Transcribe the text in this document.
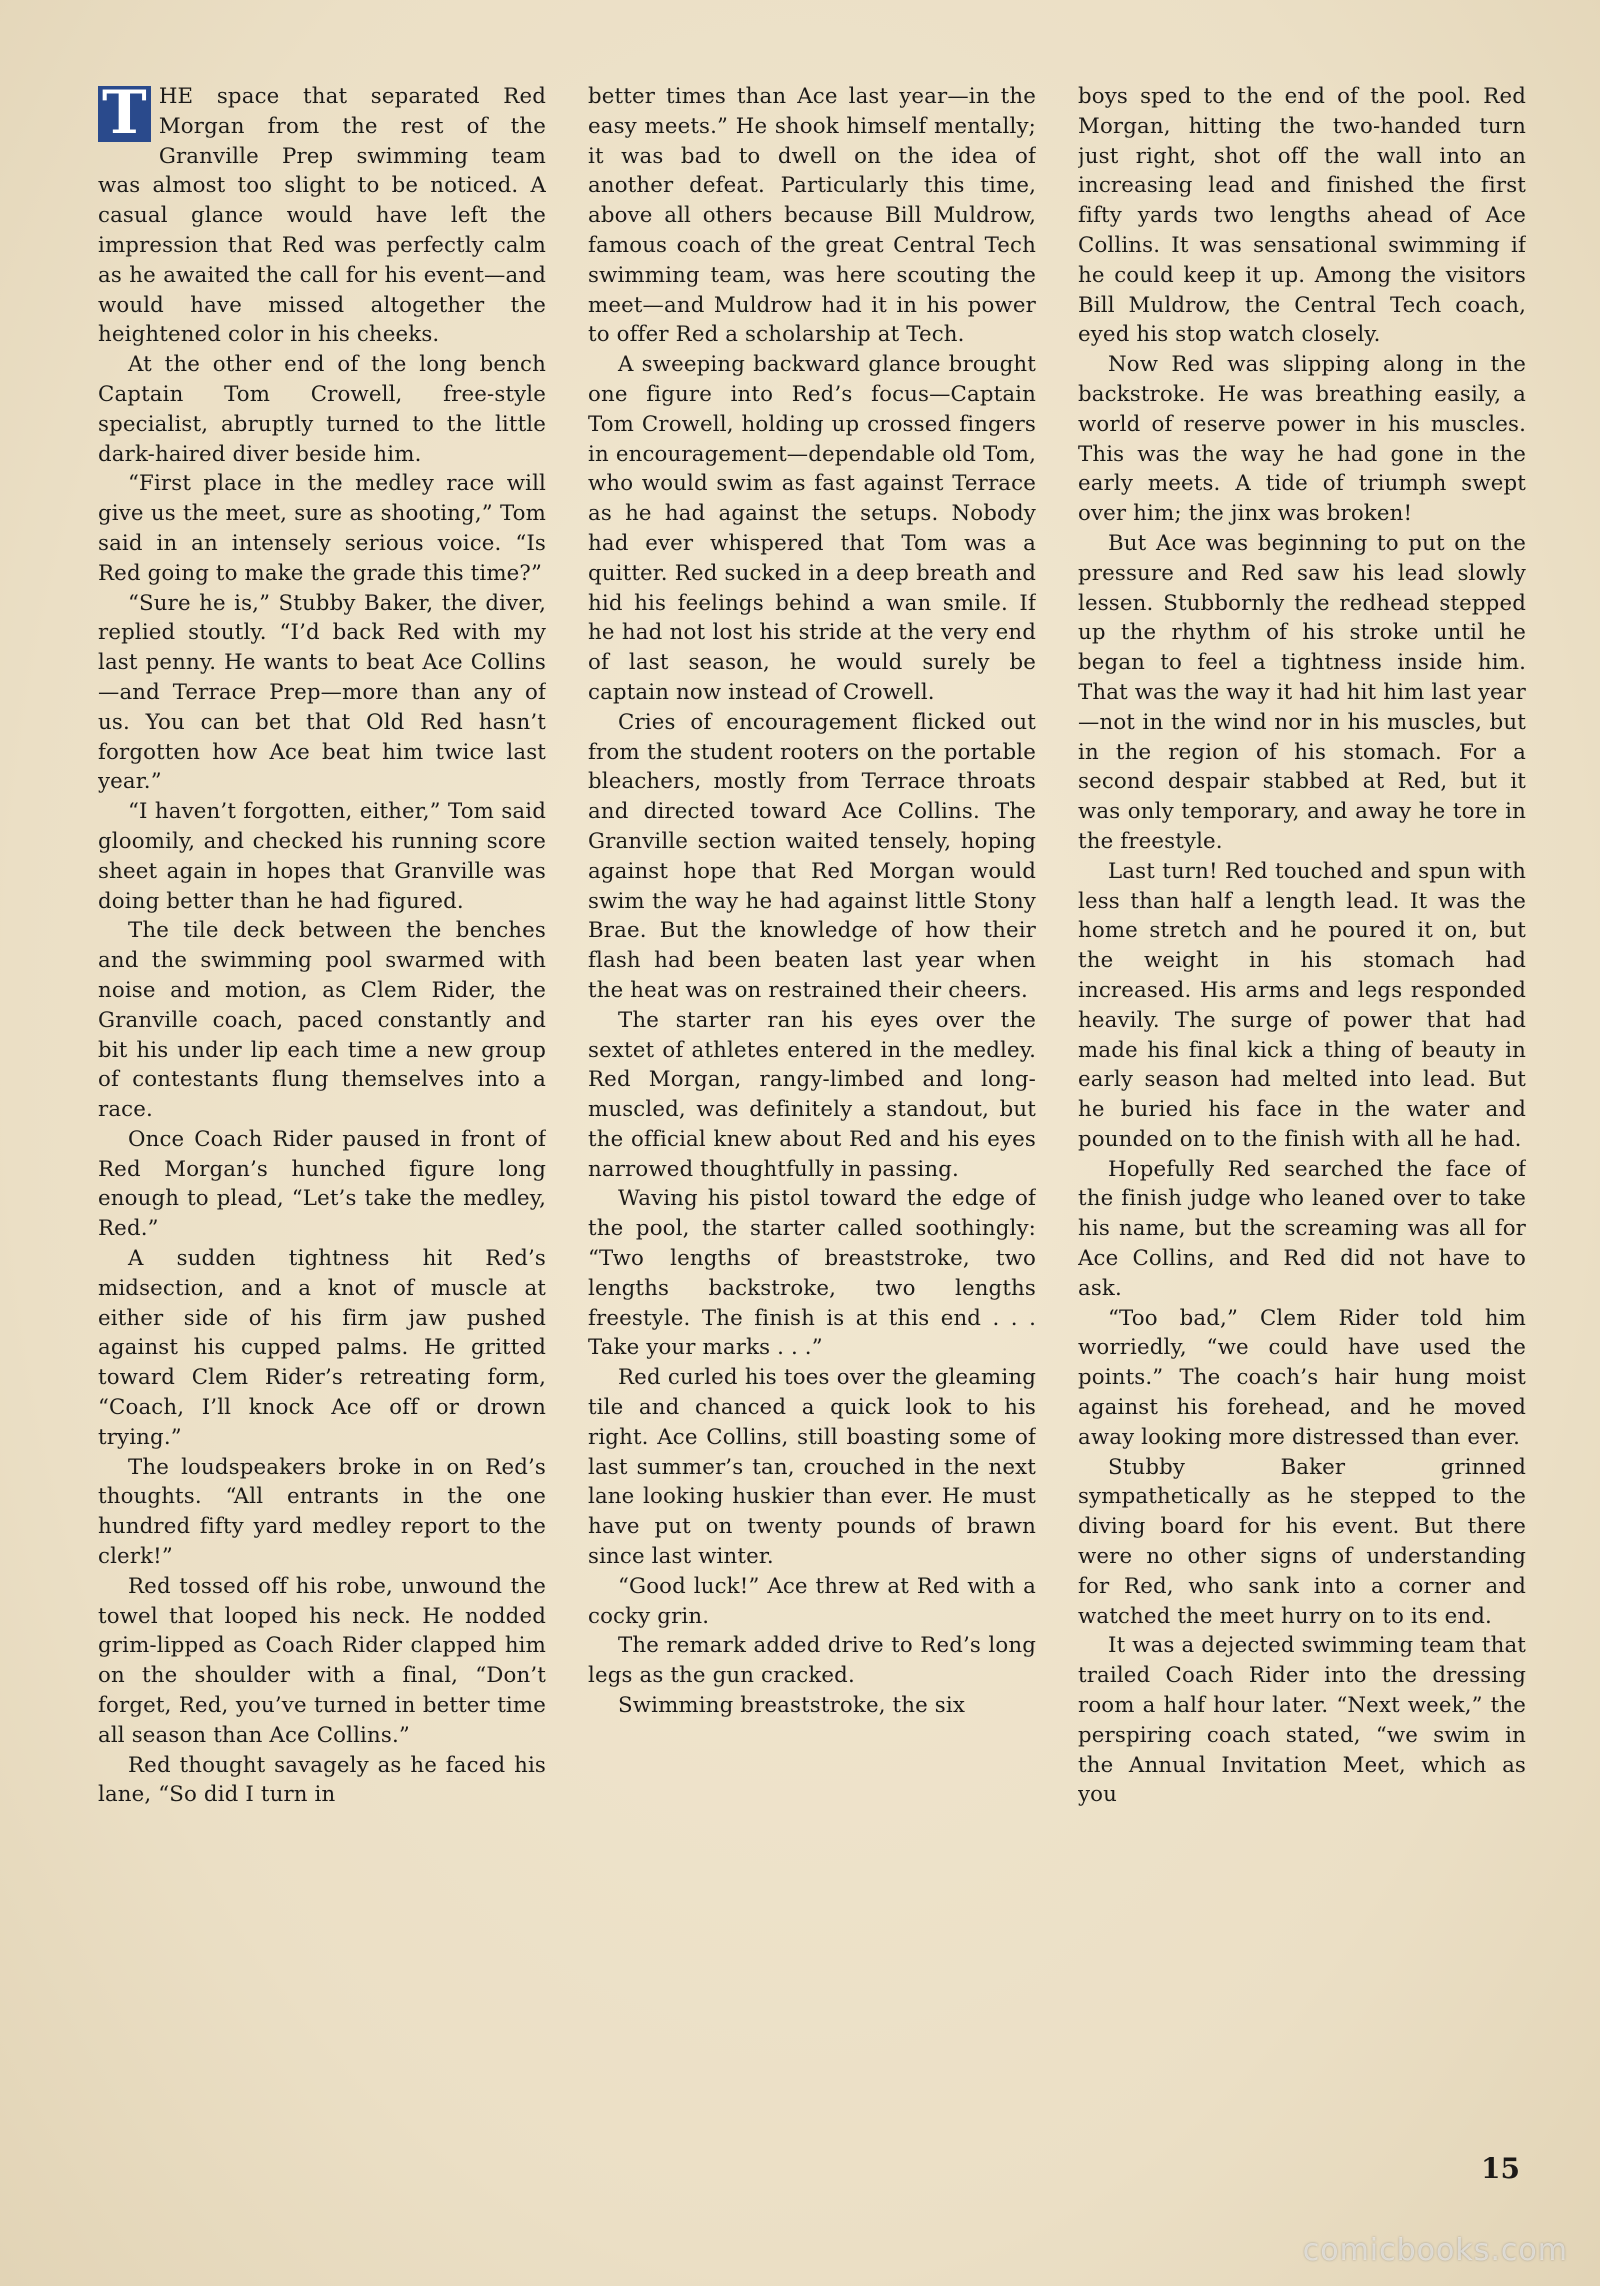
T HE space that separated Red Morgan from the rest of the Granville Prep swimming team was almost too slight to be noticed. A casual glance would have left the impression that Red was perfectly calm as he awaited the call for his event—and would have missed altogether the heightened color in his cheeks.

At the other end of the long bench Captain Tom Crowell, free-style specialist, abruptly turned to the little dark-haired diver beside him.

“First place in the medley race will give us the meet, sure as shooting,” Tom said in an intensely serious voice. “Is Red going to make the grade this time?”

“Sure he is,” Stubby Baker, the diver, replied stoutly. “I’d back Red with my last penny. He wants to beat Ace Collins—and Terrace Prep—more than any of us. You can bet that Old Red hasn’t forgotten how Ace beat him twice last year.”

“I haven’t forgotten, either,” Tom said gloomily, and checked his running score sheet again in hopes that Granville was doing better than he had figured.

The tile deck between the benches and the swimming pool swarmed with noise and motion, as Clem Rider, the Granville coach, paced constantly and bit his under lip each time a new group of contestants flung themselves into a race.

Once Coach Rider paused in front of Red Morgan’s hunched figure long enough to plead, “Let’s take the medley, Red.”

A sudden tightness hit Red’s midsection, and a knot of muscle at either side of his firm jaw pushed against his cupped palms. He gritted toward Clem Rider’s retreating form, “Coach, I’ll knock Ace off or drown trying.”

The loudspeakers broke in on Red’s thoughts. “All entrants in the one hundred fifty yard medley report to the clerk!”

Red tossed off his robe, unwound the towel that looped his neck. He nodded grim-lipped as Coach Rider clapped him on the shoulder with a final, “Don’t forget, Red, you’ve turned in better time all season than Ace Collins.”

Red thought savagely as he faced his lane, “So did I turn in

better times than Ace last year—in the easy meets.” He shook himself mentally; it was bad to dwell on the idea of another defeat. Particularly this time, above all others because Bill Muldrow, famous coach of the great Central Tech swimming team, was here scouting the meet—and Muldrow had it in his power to offer Red a scholarship at Tech.

A sweeping backward glance brought one figure into Red’s focus—Captain Tom Crowell, holding up crossed fingers in encouragement—dependable old Tom, who would swim as fast against Terrace as he had against the setups. Nobody had ever whispered that Tom was a quitter. Red sucked in a deep breath and hid his feelings behind a wan smile. If he had not lost his stride at the very end of last season, he would surely be captain now instead of Crowell.

Cries of encouragement flicked out from the student rooters on the portable bleachers, mostly from Terrace throats and directed toward Ace Collins. The Granville section waited tensely, hoping against hope that Red Morgan would swim the way he had against little Stony Brae. But the knowledge of how their flash had been beaten last year when the heat was on restrained their cheers.

The starter ran his eyes over the sextet of athletes entered in the medley. Red Morgan, rangy-limbed and long-muscled, was definitely a standout, but the official knew about Red and his eyes narrowed thoughtfully in passing.

Waving his pistol toward the edge of the pool, the starter called soothingly: “Two lengths of breaststroke, two lengths backstroke, two lengths freestyle. The finish is at this end . . . Take your marks . . .”

Red curled his toes over the gleaming tile and chanced a quick look to his right. Ace Collins, still boasting some of last summer’s tan, crouched in the next lane looking huskier than ever. He must have put on twenty pounds of brawn since last winter.

“Good luck!” Ace threw at Red with a cocky grin.

The remark added drive to Red’s long legs as the gun cracked.

Swimming breaststroke, the six

boys sped to the end of the pool. Red Morgan, hitting the two-handed turn just right, shot off the wall into an increasing lead and finished the first fifty yards two lengths ahead of Ace Collins. It was sensational swimming if he could keep it up. Among the visitors Bill Muldrow, the Central Tech coach, eyed his stop watch closely.

Now Red was slipping along in the backstroke. He was breathing easily, a world of reserve power in his muscles. This was the way he had gone in the early meets. A tide of triumph swept over him; the jinx was broken!

But Ace was beginning to put on the pressure and Red saw his lead slowly lessen. Stubbornly the redhead stepped up the rhythm of his stroke until he began to feel a tightness inside him. That was the way it had hit him last year—not in the wind nor in his muscles, but in the region of his stomach. For a second despair stabbed at Red, but it was only temporary, and away he tore in the freestyle.

Last turn! Red touched and spun with less than half a length lead. It was the home stretch and he poured it on, but the weight in his stomach had increased. His arms and legs responded heavily. The surge of power that had made his final kick a thing of beauty in early season had melted into lead. But he buried his face in the water and pounded on to the finish with all he had.

Hopefully Red searched the face of the finish judge who leaned over to take his name, but the screaming was all for Ace Collins, and Red did not have to ask.

“Too bad,” Clem Rider told him worriedly, “we could have used the points.” The coach’s hair hung moist against his forehead, and he moved away looking more distressed than ever.

Stubby Baker grinned sympathetically as he stepped to the diving board for his event. But there were no other signs of understanding for Red, who sank into a corner and watched the meet hurry on to its end.

It was a dejected swimming team that trailed Coach Rider into the dressing room a half hour later. “Next week,” the perspiring coach stated, “we swim in the Annual Invitation Meet, which as you

15
comicbooks.com
